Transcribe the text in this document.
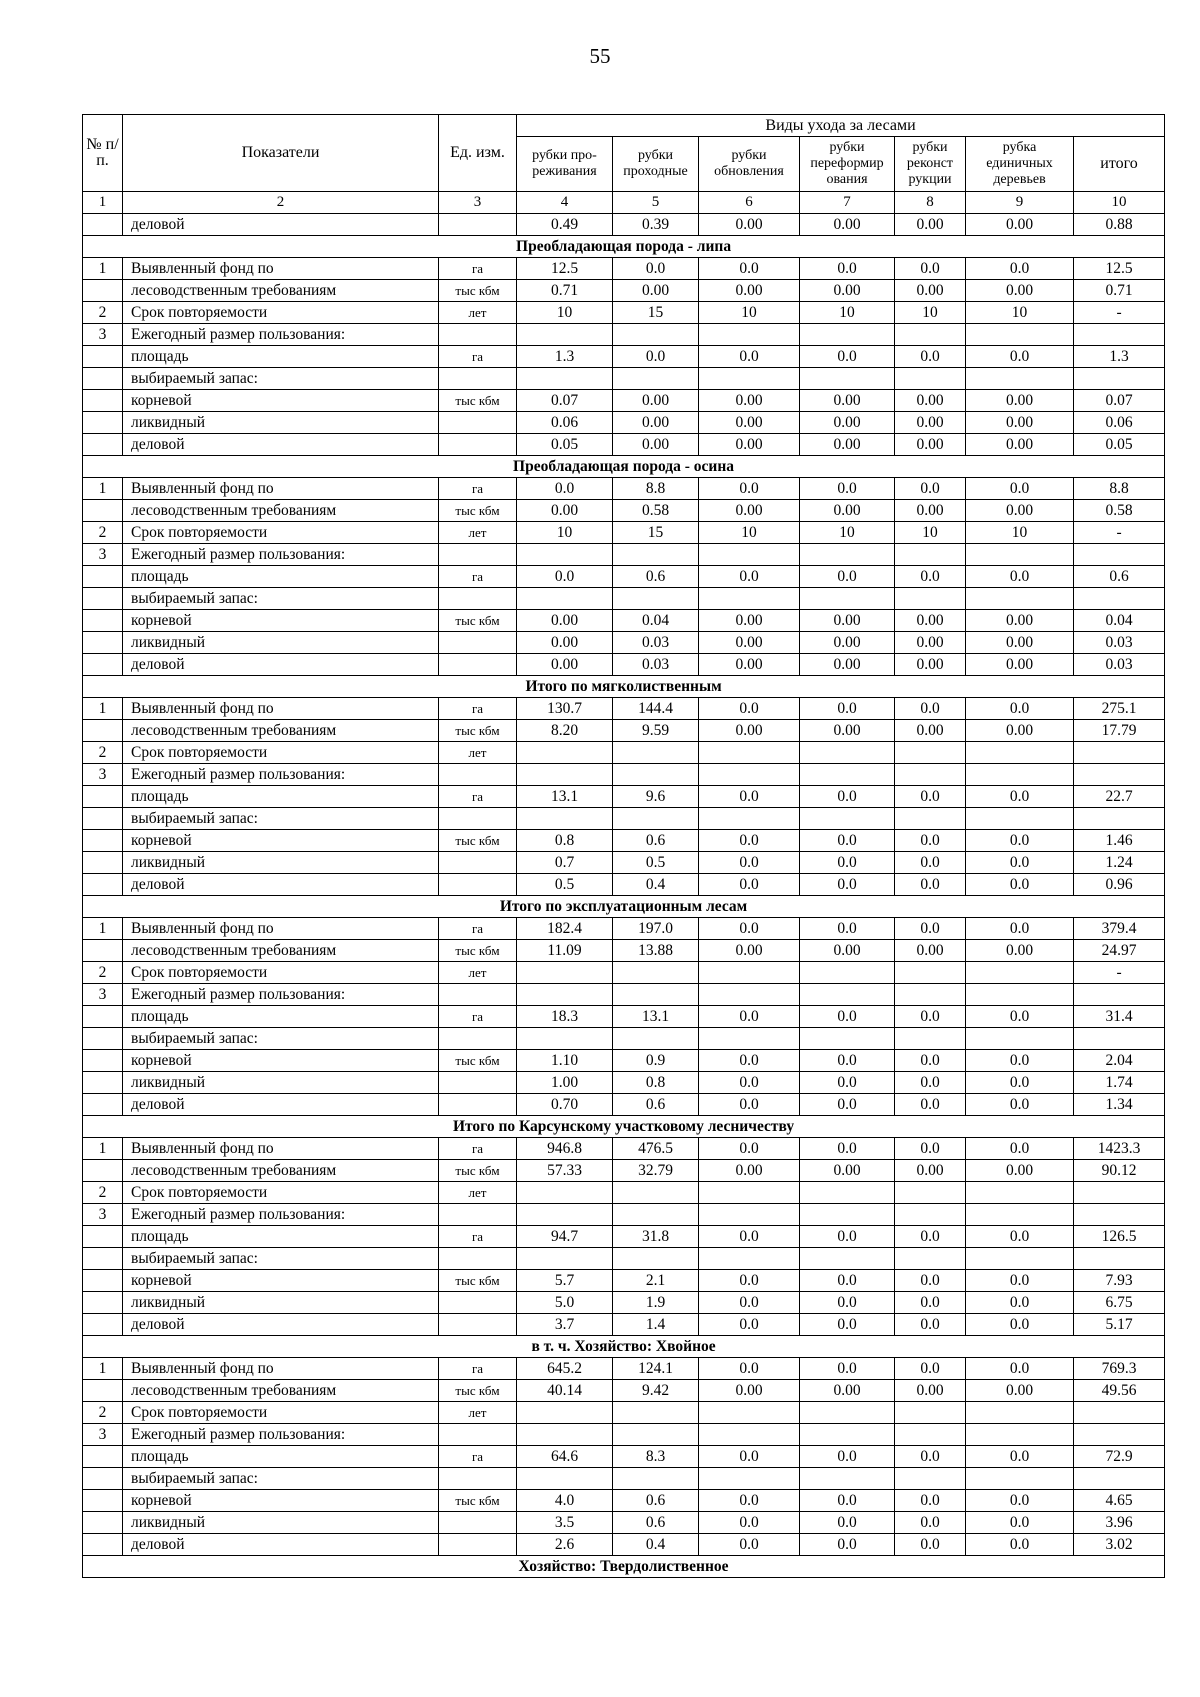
55
№ п/ п.	Показатели	Ед. изм.	Виды ухода за лесами						
			рубки про- реживания	рубки проходные	рубки обновления	рубки переформир ования	рубки реконст рукции	рубка единичных деревьев	итого
1	2	3	4	5	6	7	8	9	10
	деловой		0.49	0.39	0.00	0.00	0.00	0.00	0.88
Преобладающая порода - липа									
1	Выявленный фонд по	га	12.5	0.0	0.0	0.0	0.0	0.0	12.5
	лесоводственным требованиям	тыс кбм	0.71	0.00	0.00	0.00	0.00	0.00	0.71
2	Срок повторяемости	лет	10	15	10	10	10	10	-
3	Ежегодный размер пользования:								
	площадь	га	1.3	0.0	0.0	0.0	0.0	0.0	1.3
	выбираемый запас:								
	корневой	тыс кбм	0.07	0.00	0.00	0.00	0.00	0.00	0.07
	ликвидный		0.06	0.00	0.00	0.00	0.00	0.00	0.06
	деловой		0.05	0.00	0.00	0.00	0.00	0.00	0.05
Преобладающая порода - осина									
1	Выявленный фонд по	га	0.0	8.8	0.0	0.0	0.0	0.0	8.8
	лесоводственным требованиям	тыс кбм	0.00	0.58	0.00	0.00	0.00	0.00	0.58
2	Срок повторяемости	лет	10	15	10	10	10	10	-
3	Ежегодный размер пользования:								
	площадь	га	0.0	0.6	0.0	0.0	0.0	0.0	0.6
	выбираемый запас:								
	корневой	тыс кбм	0.00	0.04	0.00	0.00	0.00	0.00	0.04
	ликвидный		0.00	0.03	0.00	0.00	0.00	0.00	0.03
	деловой		0.00	0.03	0.00	0.00	0.00	0.00	0.03
Итого по мягколиственным									
1	Выявленный фонд по	га	130.7	144.4	0.0	0.0	0.0	0.0	275.1
	лесоводственным требованиям	тыс кбм	8.20	9.59	0.00	0.00	0.00	0.00	17.79
2	Срок повторяемости	лет							
3	Ежегодный размер пользования:								
	площадь	га	13.1	9.6	0.0	0.0	0.0	0.0	22.7
	выбираемый запас:								
	корневой	тыс кбм	0.8	0.6	0.0	0.0	0.0	0.0	1.46
	ликвидный		0.7	0.5	0.0	0.0	0.0	0.0	1.24
	деловой		0.5	0.4	0.0	0.0	0.0	0.0	0.96
Итого по эксплуатационным лесам									
1	Выявленный фонд по	га	182.4	197.0	0.0	0.0	0.0	0.0	379.4
	лесоводственным требованиям	тыс кбм	11.09	13.88	0.00	0.00	0.00	0.00	24.97
2	Срок повторяемости	лет							-
3	Ежегодный размер пользования:								
	площадь	га	18.3	13.1	0.0	0.0	0.0	0.0	31.4
	выбираемый запас:								
	корневой	тыс кбм	1.10	0.9	0.0	0.0	0.0	0.0	2.04
	ликвидный		1.00	0.8	0.0	0.0	0.0	0.0	1.74
	деловой		0.70	0.6	0.0	0.0	0.0	0.0	1.34
Итого по Карсунскому участковому лесничеству									
1	Выявленный фонд по	га	946.8	476.5	0.0	0.0	0.0	0.0	1423.3
	лесоводственным требованиям	тыс кбм	57.33	32.79	0.00	0.00	0.00	0.00	90.12
2	Срок повторяемости	лет							
3	Ежегодный размер пользования:								
	площадь	га	94.7	31.8	0.0	0.0	0.0	0.0	126.5
	выбираемый запас:								
	корневой	тыс кбм	5.7	2.1	0.0	0.0	0.0	0.0	7.93
	ликвидный		5.0	1.9	0.0	0.0	0.0	0.0	6.75
	деловой		3.7	1.4	0.0	0.0	0.0	0.0	5.17
в т. ч. Хозяйство: Хвойное									
1	Выявленный фонд по	га	645.2	124.1	0.0	0.0	0.0	0.0	769.3
	лесоводственным требованиям	тыс кбм	40.14	9.42	0.00	0.00	0.00	0.00	49.56
2	Срок повторяемости	лет							
3	Ежегодный размер пользования:								
	площадь	га	64.6	8.3	0.0	0.0	0.0	0.0	72.9
	выбираемый запас:								
	корневой	тыс кбм	4.0	0.6	0.0	0.0	0.0	0.0	4.65
	ликвидный		3.5	0.6	0.0	0.0	0.0	0.0	3.96
	деловой		2.6	0.4	0.0	0.0	0.0	0.0	3.02
Хозяйство: Твердолиственное									
